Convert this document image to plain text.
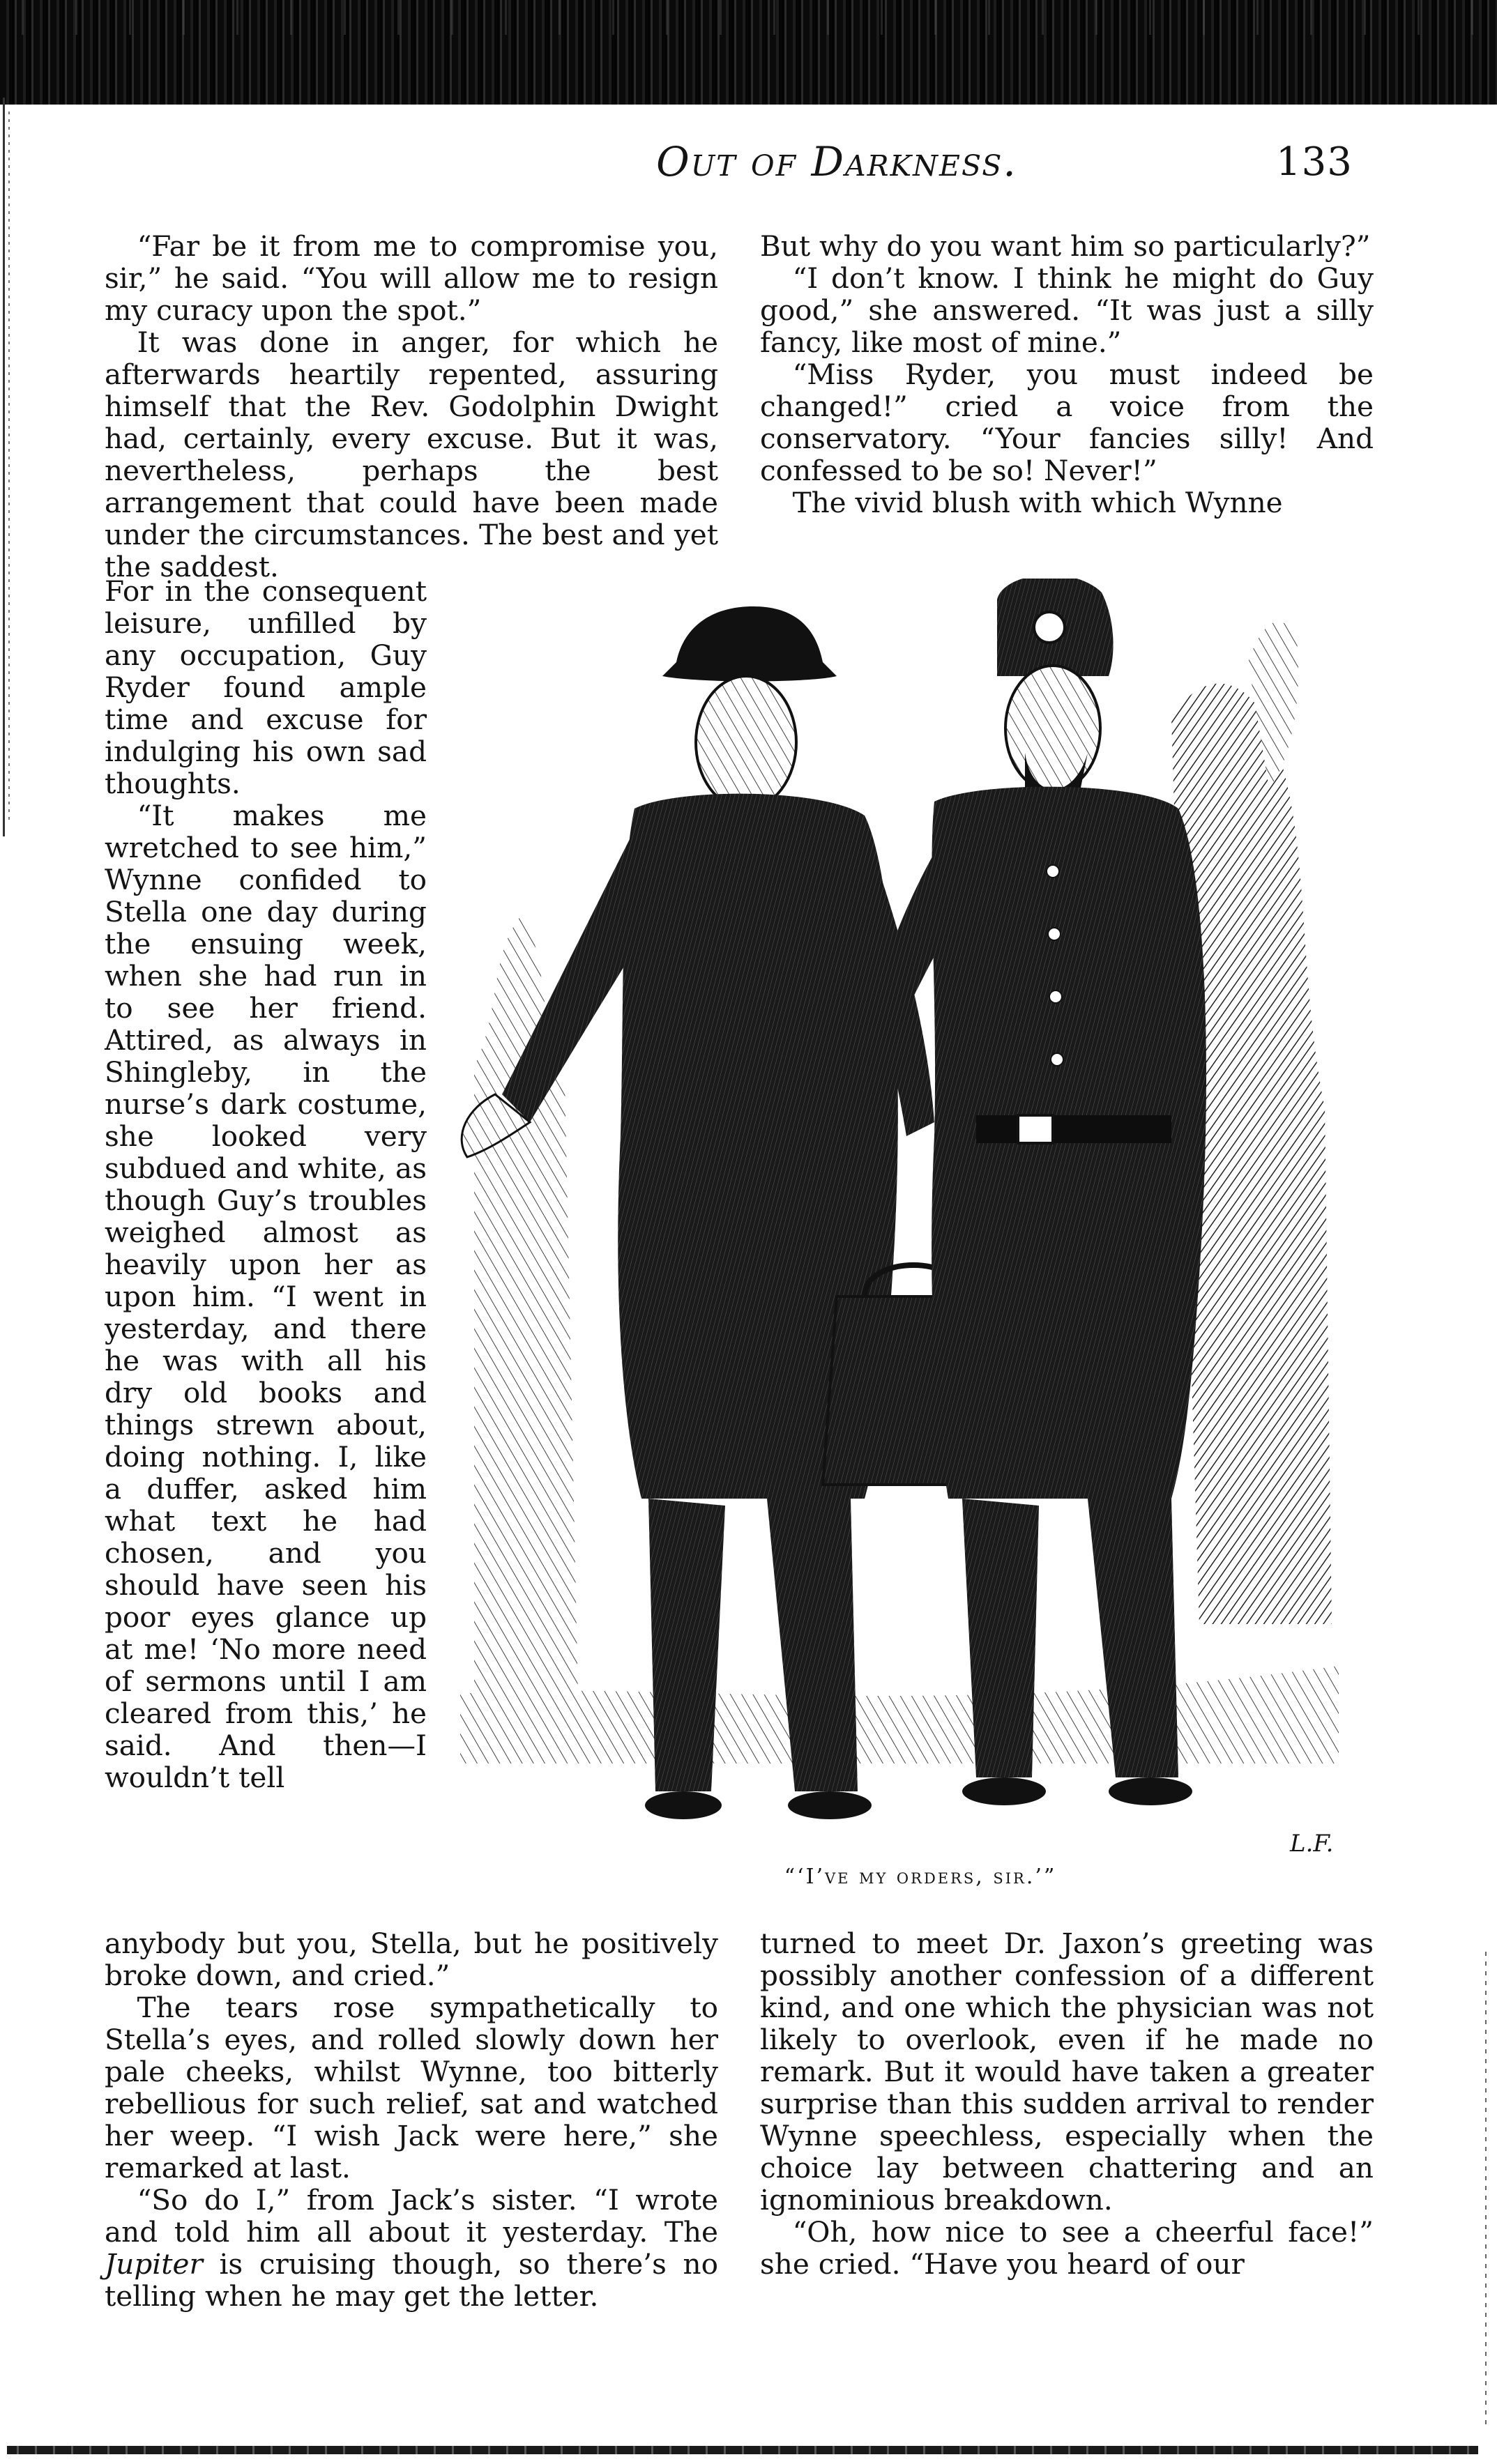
Out of Darkness.	133

“Far be it from me to compromise you, sir,” he said. “You will allow me to resign my curacy upon the spot.”

It was done in anger, for which he afterwards heartily repented, assuring himself that the Rev. Godolphin Dwight had, certainly, every excuse. But it was, nevertheless, perhaps the best arrangement that could have been made under the circumstances. The best and yet the saddest.

For in the consequent leisure, unfilled by any occupation, Guy Ryder found ample time and excuse for indulging his own sad thoughts.

“It makes me wretched to see him,” Wynne confided to Stella one day during the ensuing week, when she had run in to see her friend. Attired, as always in Shingleby, in the nurse’s dark costume, she looked very subdued and white, as though Guy’s troubles weighed almost as heavily upon her as upon him. “I went in yesterday, and there he was with all his dry old books and things strewn about, doing nothing. I, like a duffer, asked him what text he had chosen, and you should have seen his poor eyes glance up at me! ‘No more need of sermons until I am cleared from this,’ he said. And then—I wouldn’t tell

anybody but you, Stella, but he positively broke down, and cried.”

The tears rose sympathetically to Stella’s eyes, and rolled slowly down her pale cheeks, whilst Wynne, too bitterly rebellious for such relief, sat and watched her weep. “I wish Jack were here,” she remarked at last.

“So do I,” from Jack’s sister. “I wrote and told him all about it yesterday. The Jupiter is cruising though, so there’s no telling when he may get the letter.

But why do you want him so particularly?”

“I don’t know. I think he might do Guy good,” she answered. “It was just a silly fancy, like most of mine.”

“Miss Ryder, you must indeed be changed!” cried a voice from the conservatory. “Your fancies silly! And confessed to be so! Never!”

The vivid blush with which Wynne

turned to meet Dr. Jaxon’s greeting was possibly another confession of a different kind, and one which the physician was not likely to overlook, even if he made no remark. But it would have taken a greater surprise than this sudden arrival to render Wynne speechless, especially when the choice lay between chattering and an ignominious breakdown.

“Oh, how nice to see a cheerful face!” she cried. “Have you heard of our

“‘I’ve my orders, sir.’”
L.F.
